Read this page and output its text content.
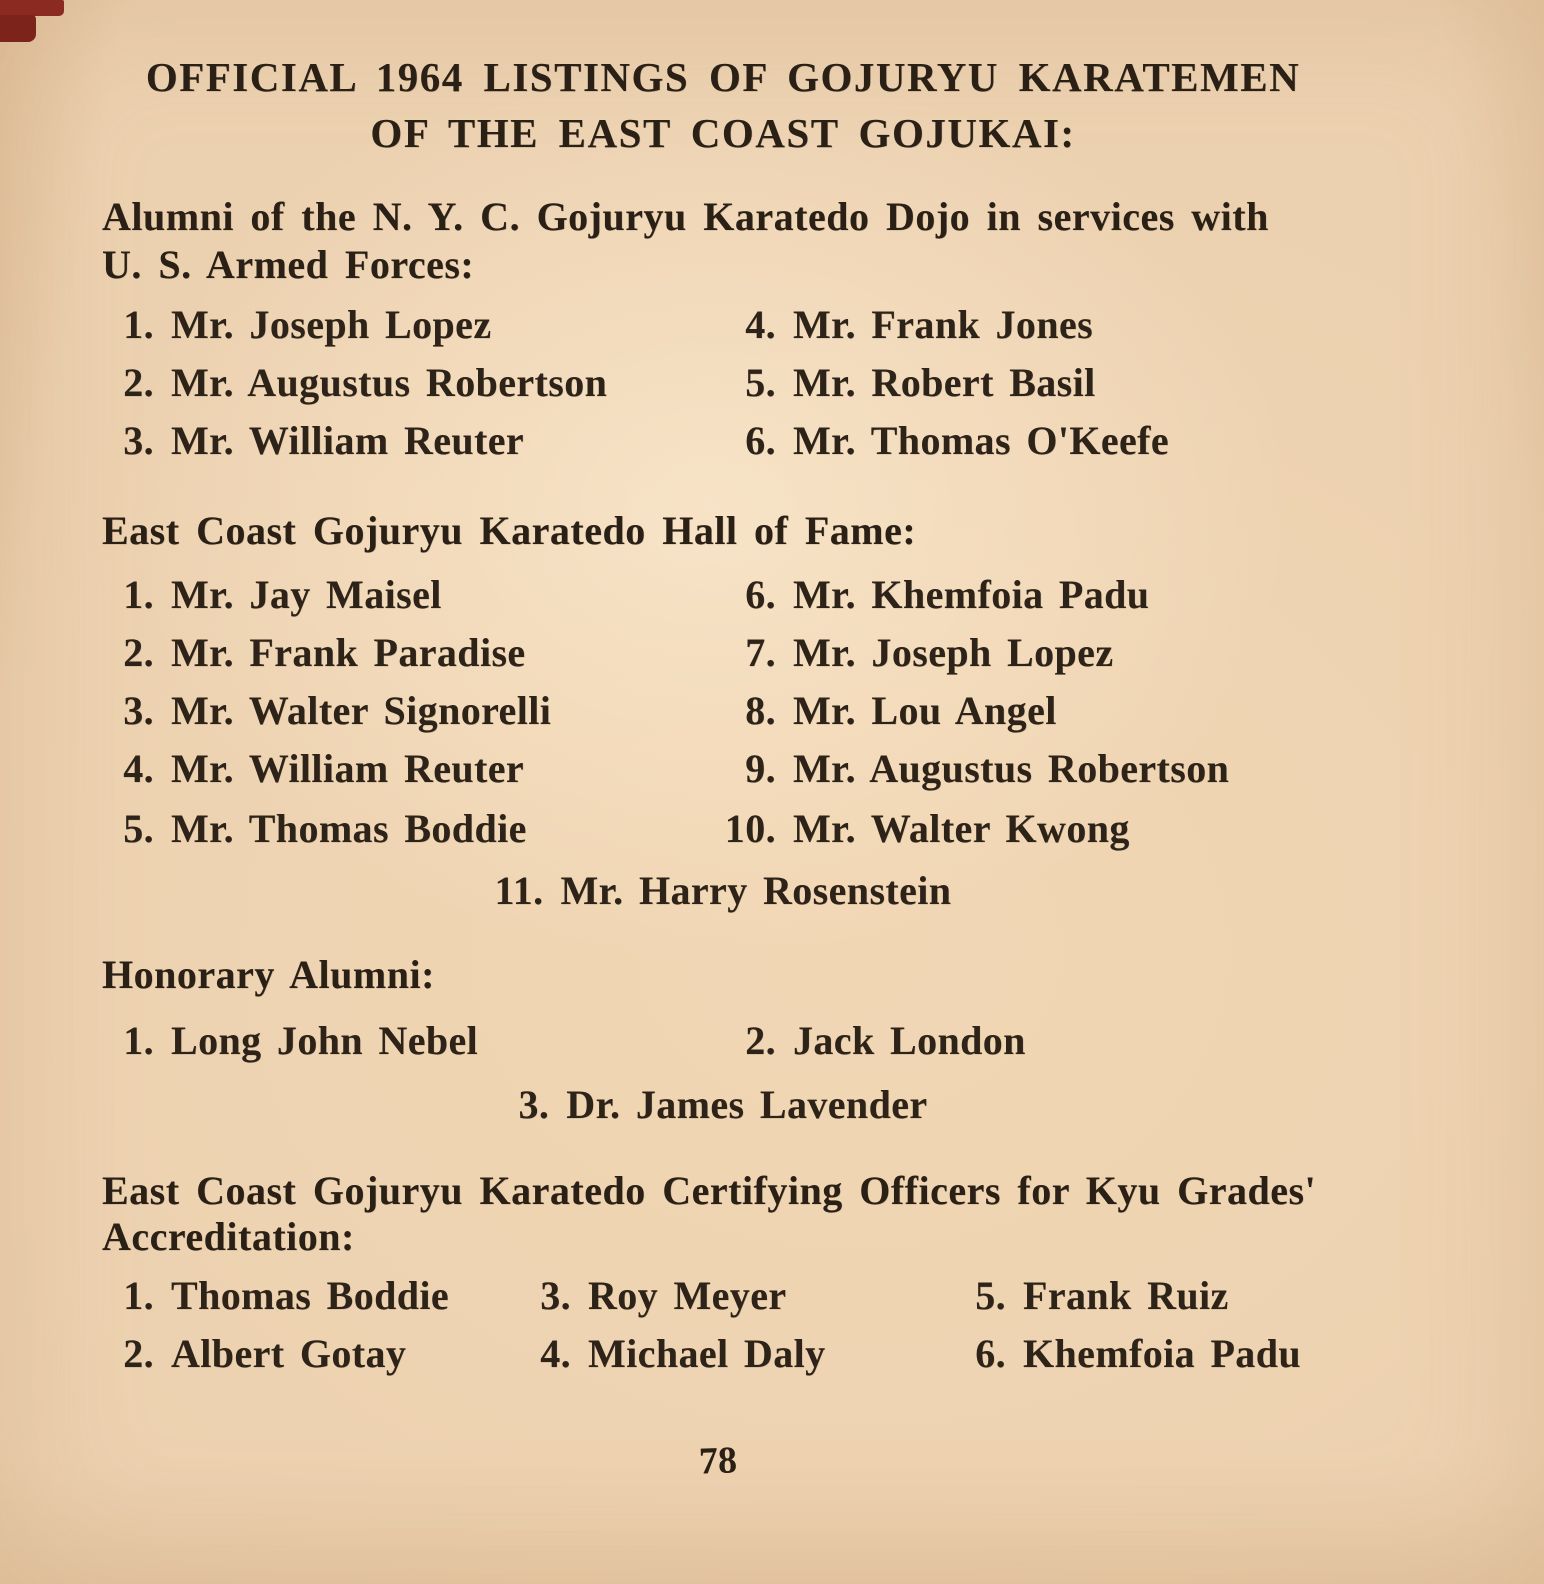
OFFICIAL 1964 LISTINGS OF GOJURYU KARATEMEN
OF THE EAST COAST GOJUKAI:
Alumni of the N. Y. C. Gojuryu Karatedo Dojo in services with
U. S. Armed Forces:
1. Mr. Joseph Lopez	4. Mr. Frank Jones
2. Mr. Augustus Robertson	5. Mr. Robert Basil
3. Mr. William Reuter	6. Mr. Thomas O'Keefe
East Coast Gojuryu Karatedo Hall of Fame:
1. Mr. Jay Maisel	6. Mr. Khemfoia Padu
2. Mr. Frank Paradise	7. Mr. Joseph Lopez
3. Mr. Walter Signorelli	8. Mr. Lou Angel
4. Mr. William Reuter	9. Mr. Augustus Robertson
5. Mr. Thomas Boddie	10. Mr. Walter Kwong
11. Mr. Harry Rosenstein
Honorary Alumni:
1. Long John Nebel	2. Jack London
3. Dr. James Lavender
East Coast Gojuryu Karatedo Certifying Officers for Kyu Grades'
Accreditation:
1. Thomas Boddie	3. Roy Meyer	5. Frank Ruiz
2. Albert Gotay	4. Michael Daly	6. Khemfoia Padu
78
